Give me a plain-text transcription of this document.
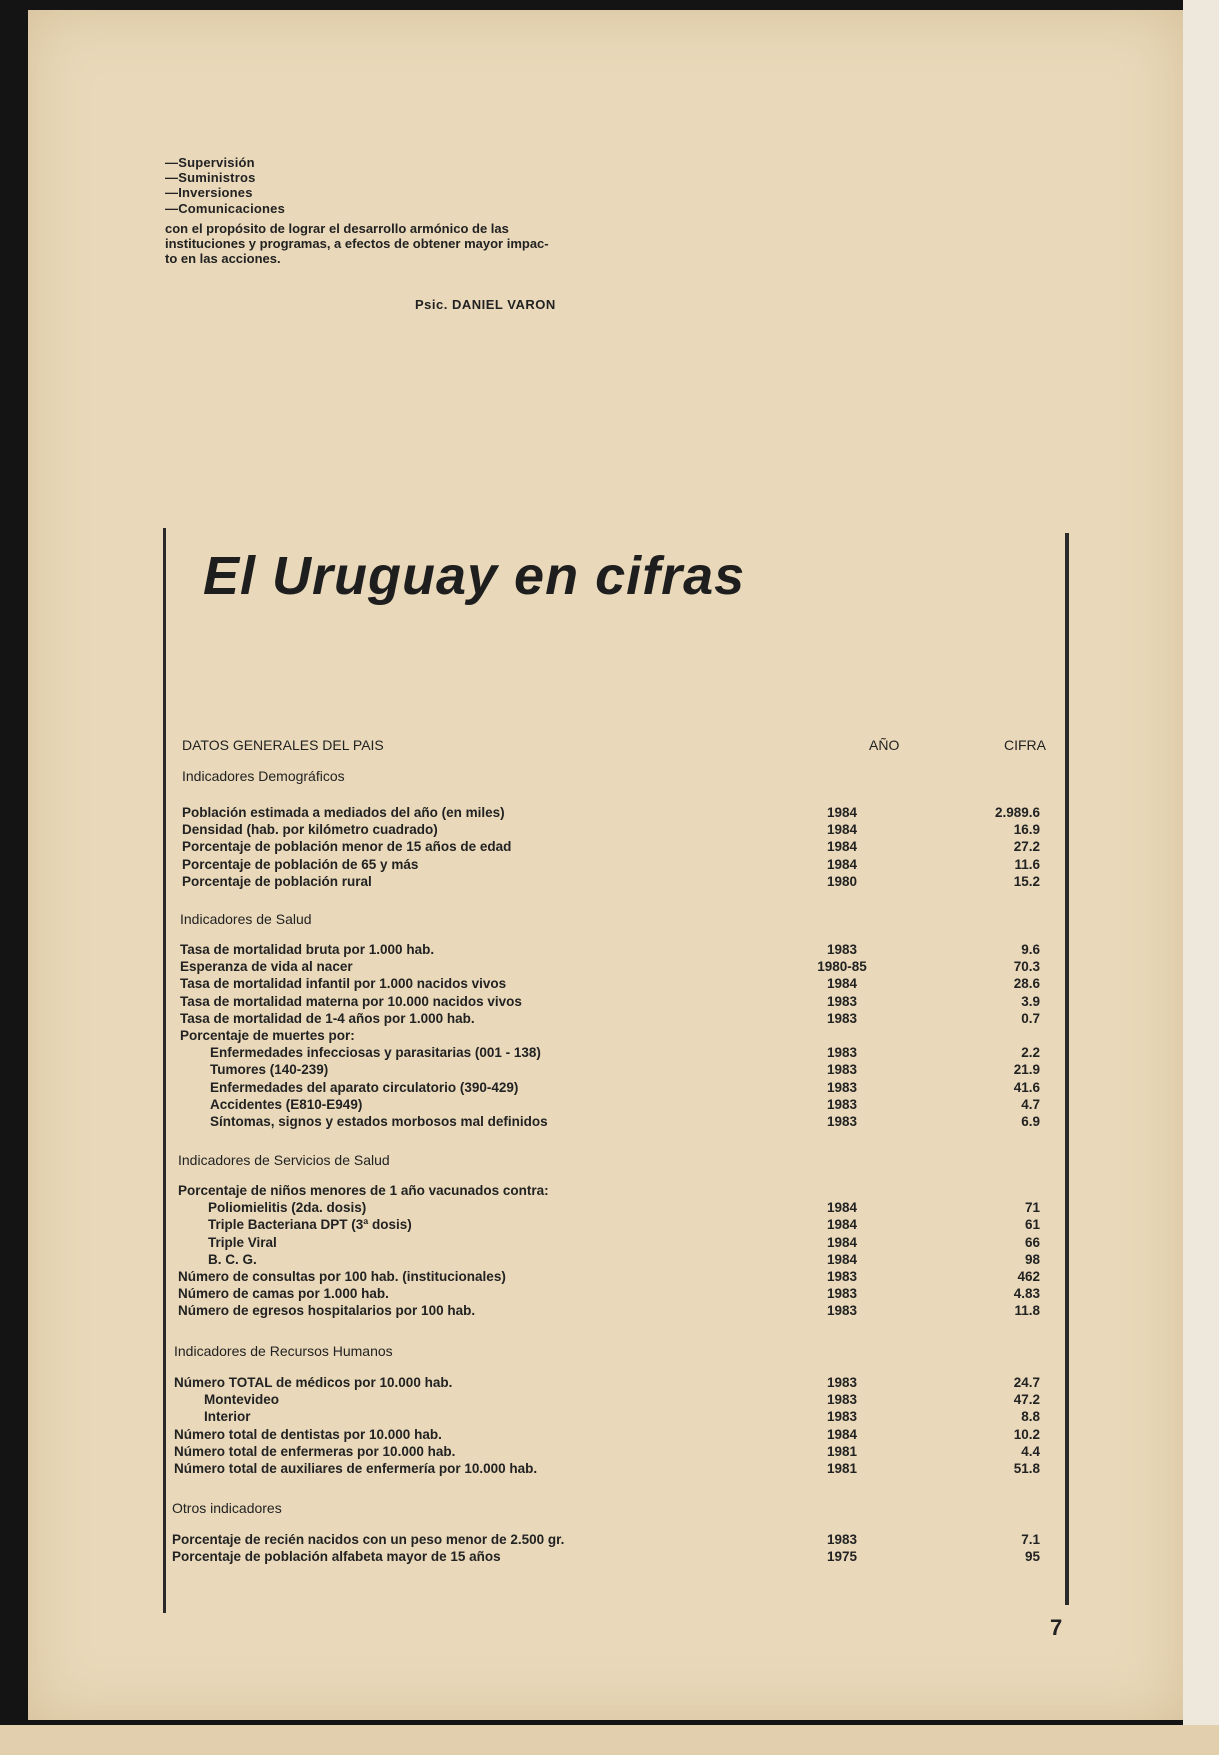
—Supervisión
—Suministros
—Inversiones
—Comunicaciones
con el propósito de lograr el desarrollo armónico de las
instituciones y programas, a efectos de obtener mayor impac-
to en las acciones.
Psic. DANIEL VARON
El Uruguay en cifras
DATOS GENERALES DEL PAIS	AÑO	CIFRA
Indicadores Demográficos
Población estimada a mediados del año (en miles)	1984	2.989.6
Densidad (hab. por kilómetro cuadrado)	1984	16.9
Porcentaje de población menor de 15 años de edad	1984	27.2
Porcentaje de población de 65 y más	1984	11.6
Porcentaje de población rural	1980	15.2
Indicadores de Salud
Tasa de mortalidad bruta por 1.000 hab.	1983	9.6
Esperanza de vida al nacer	1980-85	70.3
Tasa de mortalidad infantil por 1.000 nacidos vivos	1984	28.6
Tasa de mortalidad materna por 10.000 nacidos vivos	1983	3.9
Tasa de mortalidad de 1-4 años por 1.000 hab.	1983	0.7
Porcentaje de muertes por:
Enfermedades infecciosas y parasitarias (001 - 138)	1983	2.2
Tumores (140-239)	1983	21.9
Enfermedades del aparato circulatorio (390-429)	1983	41.6
Accidentes (E810-E949)	1983	4.7
Síntomas, signos y estados morbosos mal definidos	1983	6.9
Indicadores de Servicios de Salud
Porcentaje de niños menores de 1 año vacunados contra:
Poliomielitis (2da. dosis)	1984	71
Triple Bacteriana DPT (3ª dosis)	1984	61
Triple Viral	1984	66
B. C. G.	1984	98
Número de consultas por 100 hab. (institucionales)	1983	462
Número de camas por 1.000 hab.	1983	4.83
Número de egresos hospitalarios por 100 hab.	1983	11.8
Indicadores de Recursos Humanos
Número TOTAL de médicos por 10.000 hab.	1983	24.7
Montevideo	1983	47.2
Interior	1983	8.8
Número total de dentistas por 10.000 hab.	1984	10.2
Número total de enfermeras por 10.000 hab.	1981	4.4
Número total de auxiliares de enfermería por 10.000 hab.	1981	51.8
Otros indicadores
Porcentaje de recién nacidos con un peso menor de 2.500 gr.	1983	7.1
Porcentaje de población alfabeta mayor de 15 años	1975	95
7
